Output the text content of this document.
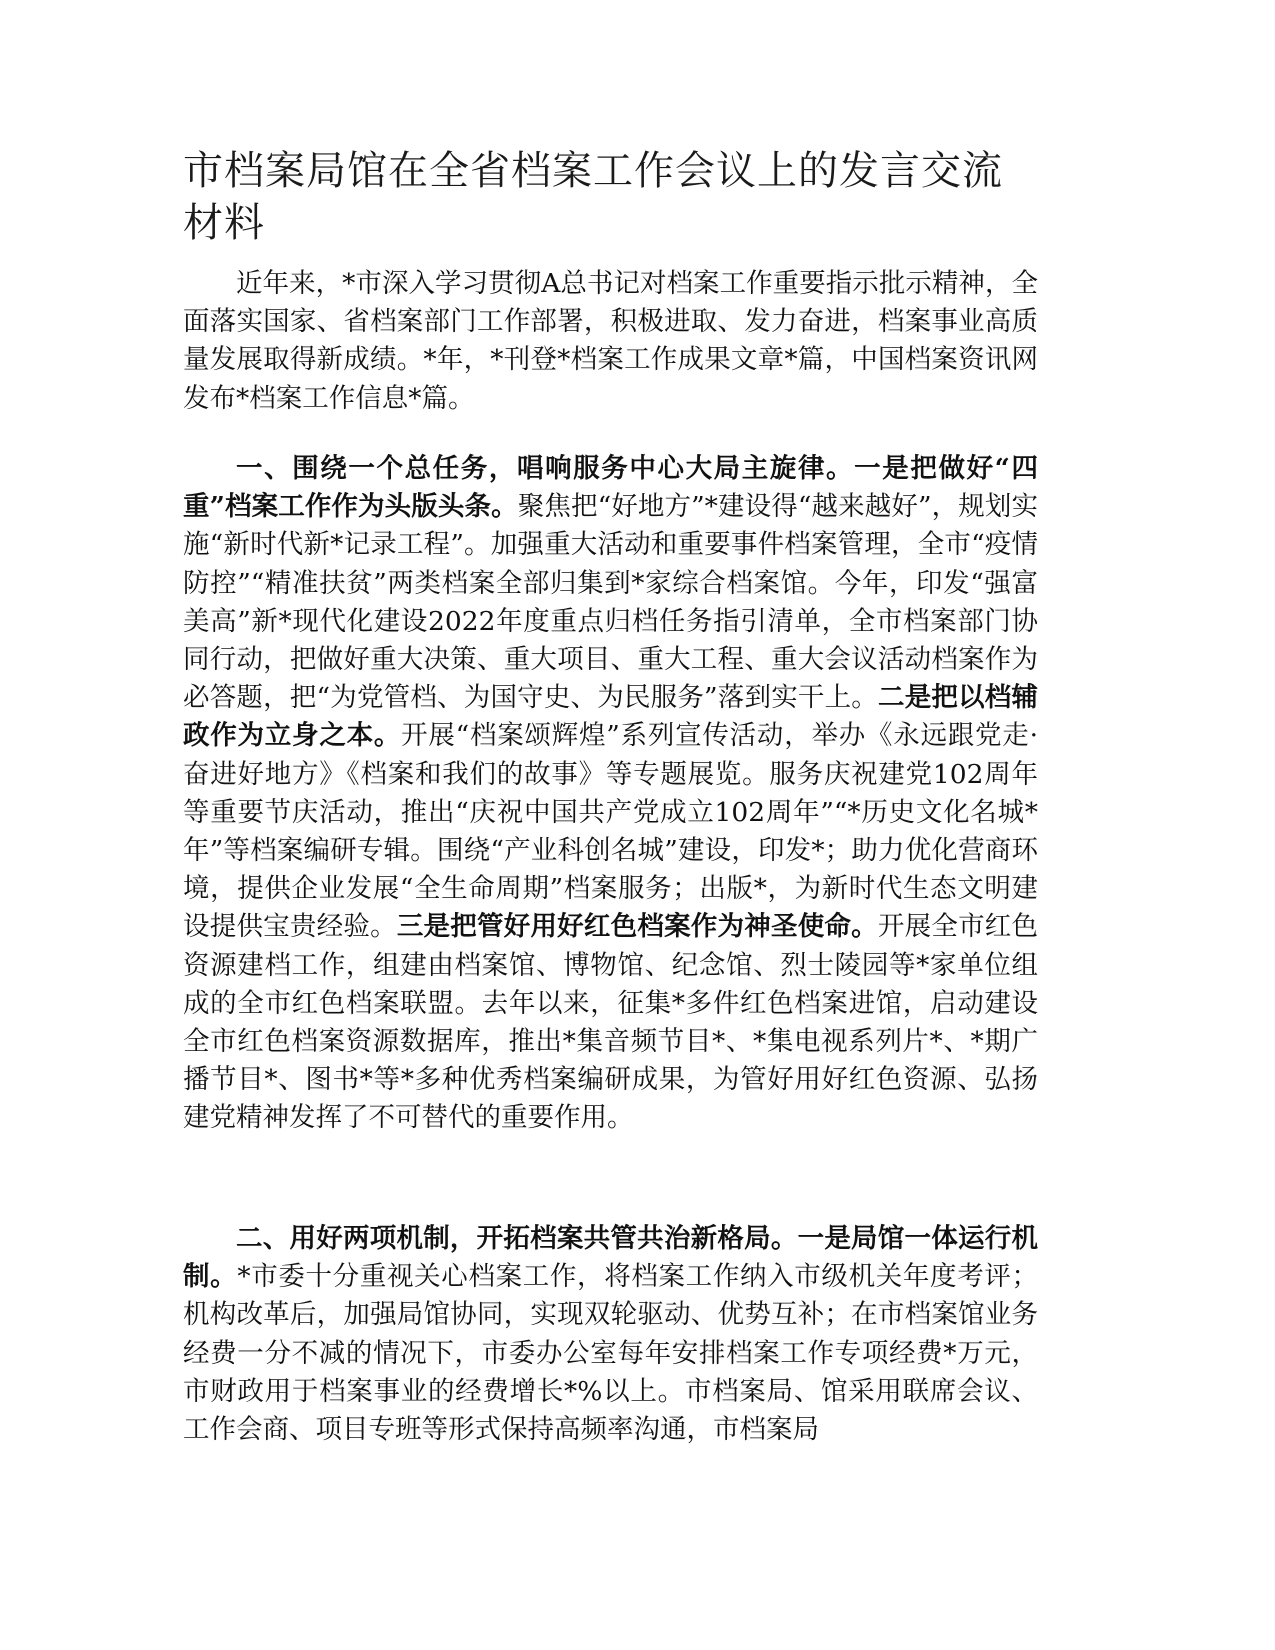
市档案局馆在全省档案工作会议上的发言交流材料

近年来，*市深入学习贯彻A总书记对档案工作重要指示批示精神，全面落实国家、省档案部门工作部署，积极进取、发力奋进，档案事业高质量发展取得新成绩。*年，*刊登*档案工作成果文章*篇，中国档案资讯网发布*档案工作信息*篇。

一、围绕一个总任务，唱响服务中心大局主旋律。一是把做好“四重”档案工作作为头版头条。聚焦把“好地方”*建设得“越来越好”，规划实施“新时代新*记录工程”。加强重大活动和重要事件档案管理，全市“疫情防控”“精准扶贫”两类档案全部归集到*家综合档案馆。今年，印发“强富美高”新*现代化建设2022年度重点归档任务指引清单，全市档案部门协同行动，把做好重大决策、重大项目、重大工程、重大会议活动档案作为必答题，把“为党管档、为国守史、为民服务”落到实干上。二是把以档辅政作为立身之本。开展“档案颂辉煌”系列宣传活动，举办《永远跟党走·奋进好地方》《档案和我们的故事》等专题展览。服务庆祝建党102周年等重要节庆活动，推出“庆祝中国共产党成立102周年”“*历史文化名城*年”等档案编研专辑。围绕“产业科创名城”建设，印发*；助力优化营商环境，提供企业发展“全生命周期”档案服务；出版*，为新时代生态文明建设提供宝贵经验。三是把管好用好红色档案作为神圣使命。开展全市红色资源建档工作，组建由档案馆、博物馆、纪念馆、烈士陵园等*家单位组成的全市红色档案联盟。去年以来，征集*多件红色档案进馆，启动建设全市红色档案资源数据库，推出*集音频节目*、*集电视系列片*、*期广播节目*、图书*等*多种优秀档案编研成果，为管好用好红色资源、弘扬建党精神发挥了不可替代的重要作用。

二、用好两项机制，开拓档案共管共治新格局。一是局馆一体运行机制。*市委十分重视关心档案工作，将档案工作纳入市级机关年度考评；机构改革后，加强局馆协同，实现双轮驱动、优势互补；在市档案馆业务经费一分不减的情况下，市委办公室每年安排档案工作专项经费*万元，市财政用于档案事业的经费增长*%以上。市档案局、馆采用联席会议、工作会商、项目专班等形式保持高频率沟通，市档案局
